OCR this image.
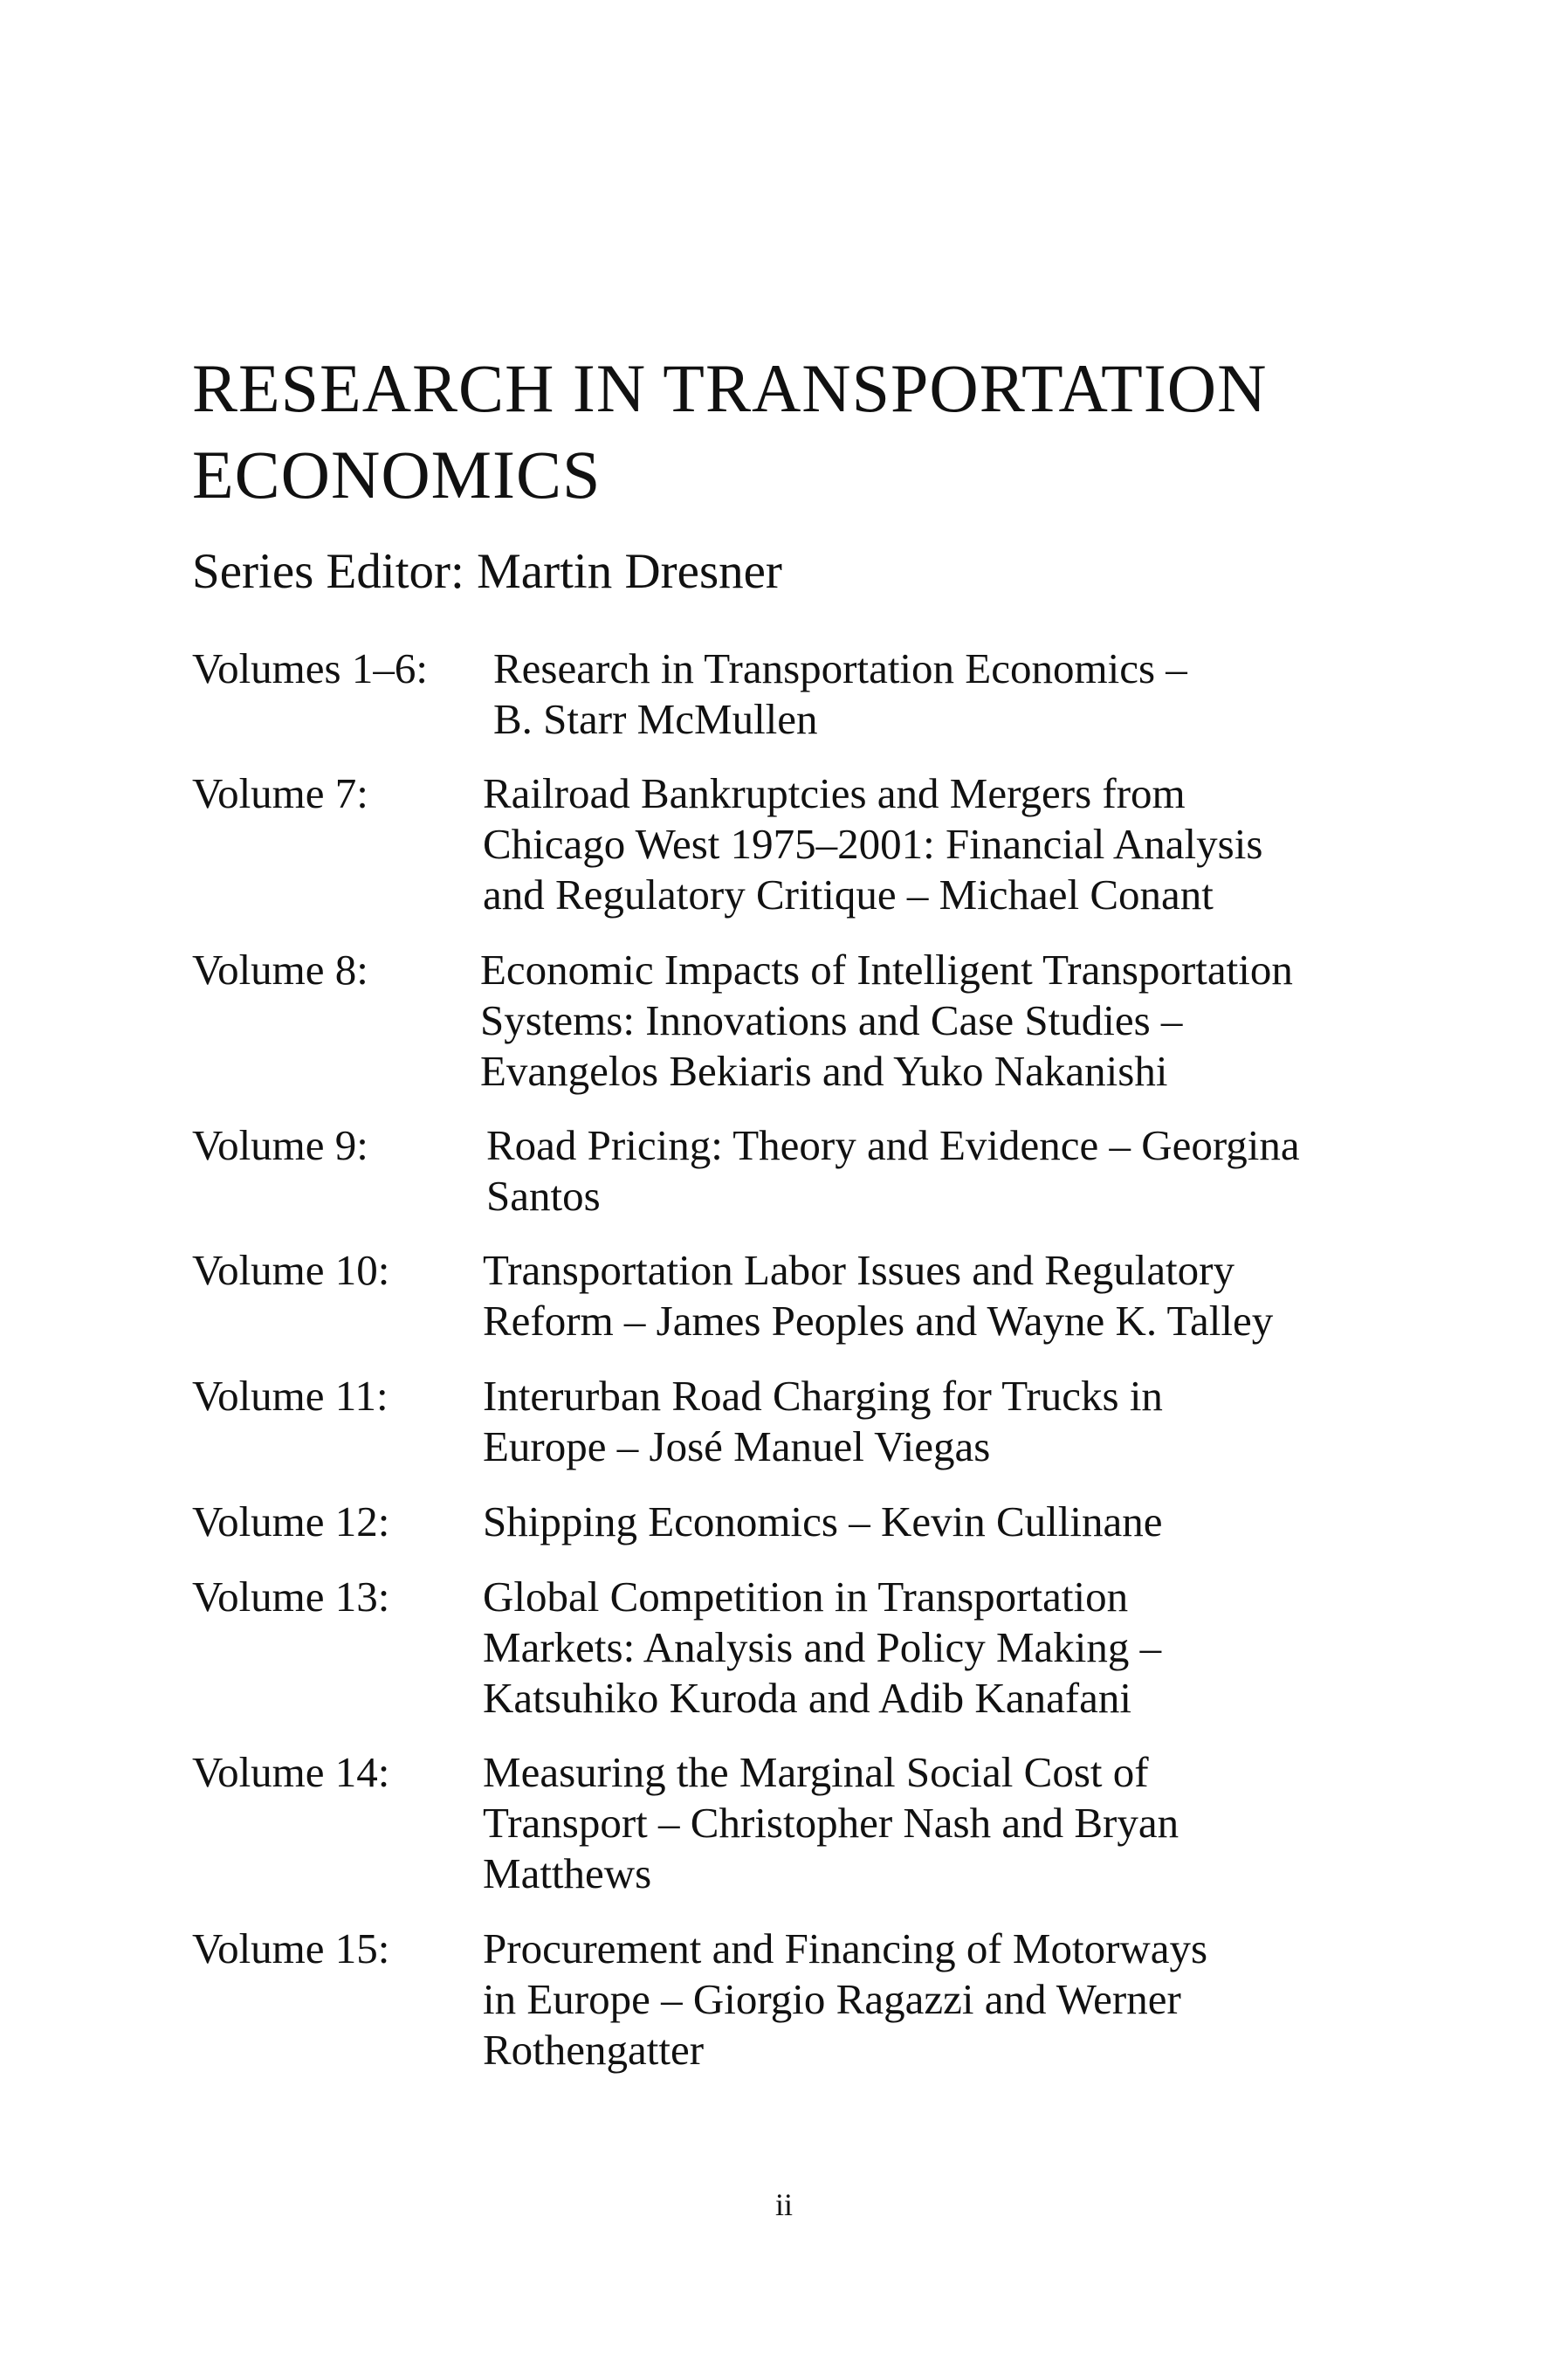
RESEARCH IN TRANSPORTATION
ECONOMICS
Series Editor: Martin Dresner
Volumes 1–6: Research in Transportation Economics –
B. Starr McMullen
Volume 7:	Railroad Bankruptcies and Mergers from
Chicago West 1975–2001: Financial Analysis
and Regulatory Critique – Michael Conant
Volume 8:	Economic Impacts of Intelligent Transportation
Systems: Innovations and Case Studies –
Evangelos Bekiaris and Yuko Nakanishi
Volume 9:	Road Pricing: Theory and Evidence – Georgina
Santos
Volume 10: Transportation Labor Issues and Regulatory
Reform – James Peoples and Wayne K. Talley
Volume 11: Interurban Road Charging for Trucks in
Europe – José Manuel Viegas
Volume 12: Shipping Economics – Kevin Cullinane
Volume 13: Global Competition in Transportation
Markets: Analysis and Policy Making –
Katsuhiko Kuroda and Adib Kanafani
Volume 14: Measuring the Marginal Social Cost of
Transport – Christopher Nash and Bryan
Matthews
Volume 15: Procurement and Financing of Motorways
in Europe – Giorgio Ragazzi and Werner
Rothengatter
ii
